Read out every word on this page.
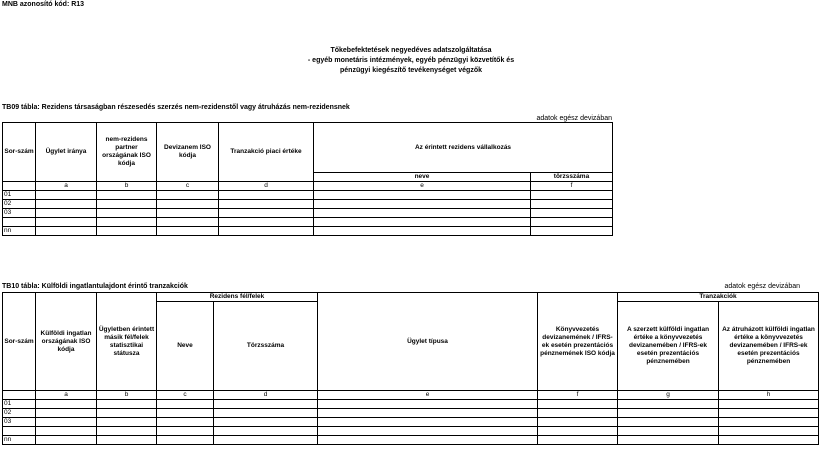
MNB azonosító kód: R13
Tőkebefektetések negyedéves adatszolgáltatása
- egyéb monetáris intézmények, egyéb pénzügyi közvetítők és
pénzügyi kiegészítő tevékenységet végzők
TB09 tábla: Rezidens társaságban részesedés szerzés nem-rezidenstől vagy átruházás nem-rezidensnek
adatok egész devizában
Sor-szám	Ügylet iránya	nem-rezidens partner országának ISO kódja	Devizanem ISO kódja	Tranzakció piaci értéke	Az érintett rezidens vállalkozás	
					neve	törzsszáma
	a	b	c	d	e	f
01						
02						
03						

nn						
TB10 tábla: Külföldi ingatlantulajdont érintő tranzakciók	adatok egész devizában
Sor-szám	Külföldi ingatlan országának ISO kódja	Ügyletben érintett másik fél/felek statisztikai státusza	Rezidens fél/felek		Ügylet típusa	Könyvvezetés devizanemének / IFRS-ek esetén prezentációs pénznemének ISO kódja	Tranzakciók	
			Neve	Törzsszáma			A szerzett külföldi ingatlan értéke a könyvvezetés devizanemében / IFRS-ek esetén prezentációs pénznemében	Az átruházott külföldi ingatlan értéke a könyvvezetés devizanemében / IFRS-ek esetén prezentációs pénznemében
	a	b	c	d	e	f	g	h
01								
02								
03								

nn								
